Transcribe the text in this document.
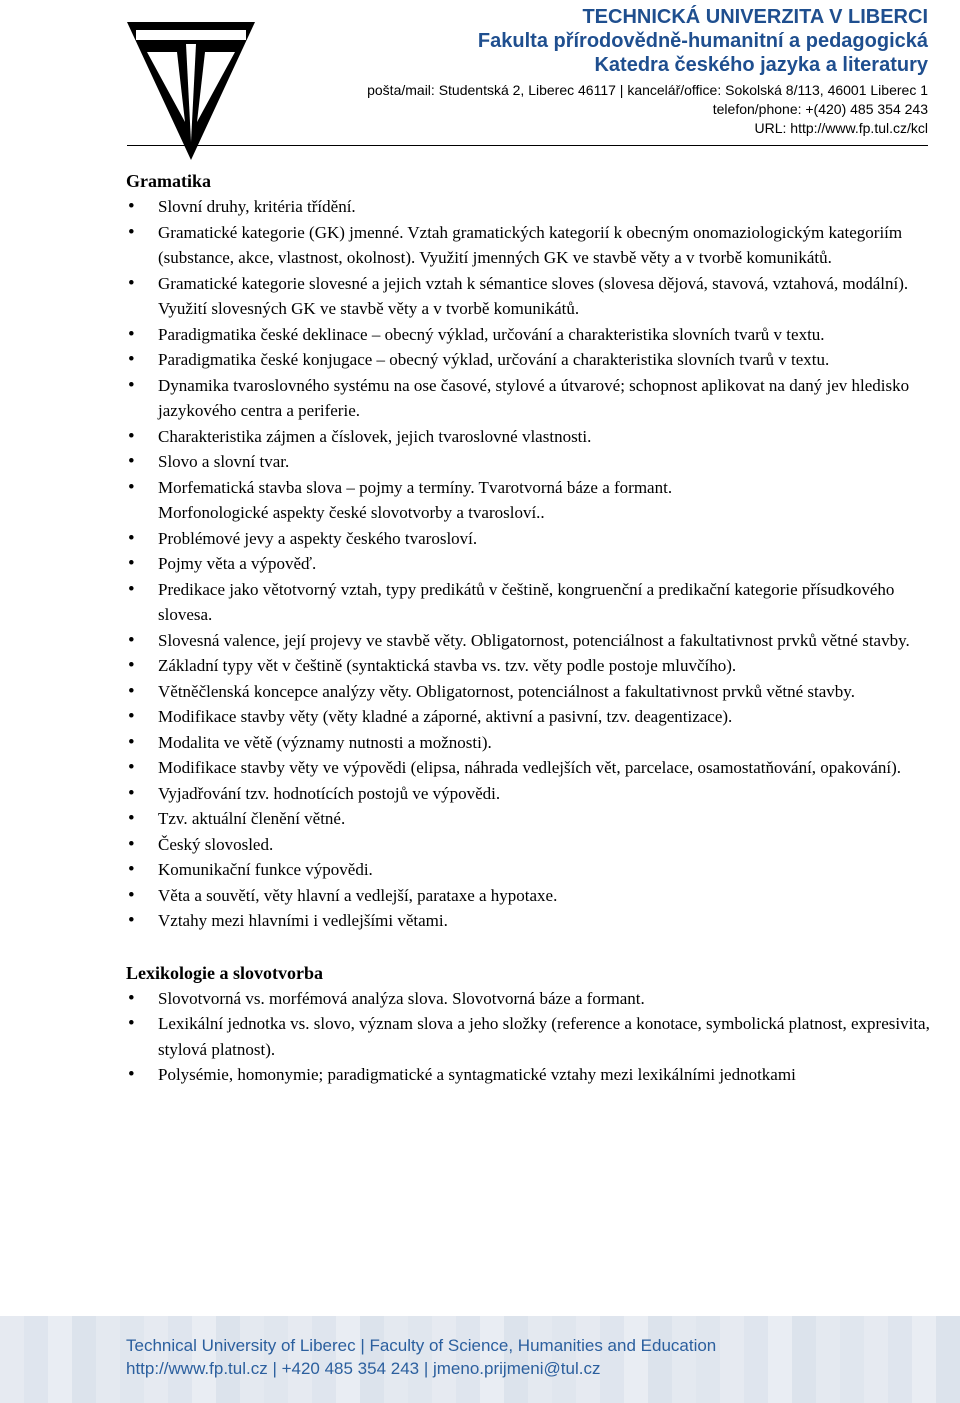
TECHNICKÁ UNIVERZITA V LIBERCI
Fakulta přírodovědně-humanitní a pedagogická
Katedra českého jazyka a literatury
pošta/mail: Studentská 2, Liberec 46117 | kancelář/office: Sokolská 8/113, 46001 Liberec 1
telefon/phone: +(420) 485 354 243
URL: http://www.fp.tul.cz/kcl
Gramatika
• Slovní druhy, kritéria třídění.
• Gramatické kategorie (GK) jmenné. Vztah gramatických kategorií k obecným onomaziologickým kategoriím (substance, akce, vlastnost, okolnost). Využití jmenných GK ve stavbě věty a v tvorbě komunikátů.
• Gramatické kategorie slovesné a jejich vztah k sémantice sloves (slovesa dějová, stavová, vztahová, modální). Využití slovesných GK ve stavbě věty a v tvorbě komunikátů.
• Paradigmatika české deklinace – obecný výklad, určování a charakteristika slovních tvarů v textu.
• Paradigmatika české konjugace – obecný výklad, určování a charakteristika slovních tvarů v textu.
• Dynamika tvaroslovného systému na ose časové, stylové a útvarové; schopnost aplikovat na daný jev hledisko jazykového centra a periferie.
• Charakteristika zájmen a číslovek, jejich tvaroslovné vlastnosti.
• Slovo a slovní tvar.
• Morfematická stavba slova – pojmy a termíny. Tvarotvorná báze a formant.
Morfonologické aspekty české slovotvorby a tvarosloví..
• Problémové jevy a aspekty českého tvarosloví.
• Pojmy věta a výpověď.
• Predikace jako větotvorný vztah, typy predikátů v češtině, kongruenční a predikační kategorie přísudkového slovesa.
• Slovesná valence, její projevy ve stavbě věty. Obligatornost, potenciálnost a fakultativnost prvků větné stavby.
• Základní typy vět v češtině (syntaktická stavba vs. tzv. věty podle postoje mluvčího).
• Větněčlenská koncepce analýzy věty. Obligatornost, potenciálnost a fakultativnost prvků větné stavby.
• Modifikace stavby věty (věty kladné a záporné, aktivní a pasivní, tzv. deagentizace).
• Modalita ve větě (významy nutnosti a možnosti).
• Modifikace stavby věty ve výpovědi (elipsa, náhrada vedlejších vět, parcelace, osamostatňování, opakování).
• Vyjadřování tzv. hodnotících postojů ve výpovědi.
• Tzv. aktuální členění větné.
• Český slovosled.
• Komunikační funkce výpovědi.
• Věta a souvětí, věty hlavní a vedlejší, parataxe a hypotaxe.
• Vztahy mezi hlavními i vedlejšími větami.
Lexikologie a slovotvorba
• Slovotvorná vs. morfémová analýza slova. Slovotvorná báze a formant.
• Lexikální jednotka vs. slovo, význam slova a jeho složky (reference a konotace, symbolická platnost, expresivita, stylová platnost).
• Polysémie, homonymie; paradigmatické a syntagmatické vztahy mezi lexikálními jednotkami
Technical University of Liberec | Faculty of Science, Humanities and Education
http://www.fp.tul.cz | +420 485 354 243 | jmeno.prijmeni@tul.cz
